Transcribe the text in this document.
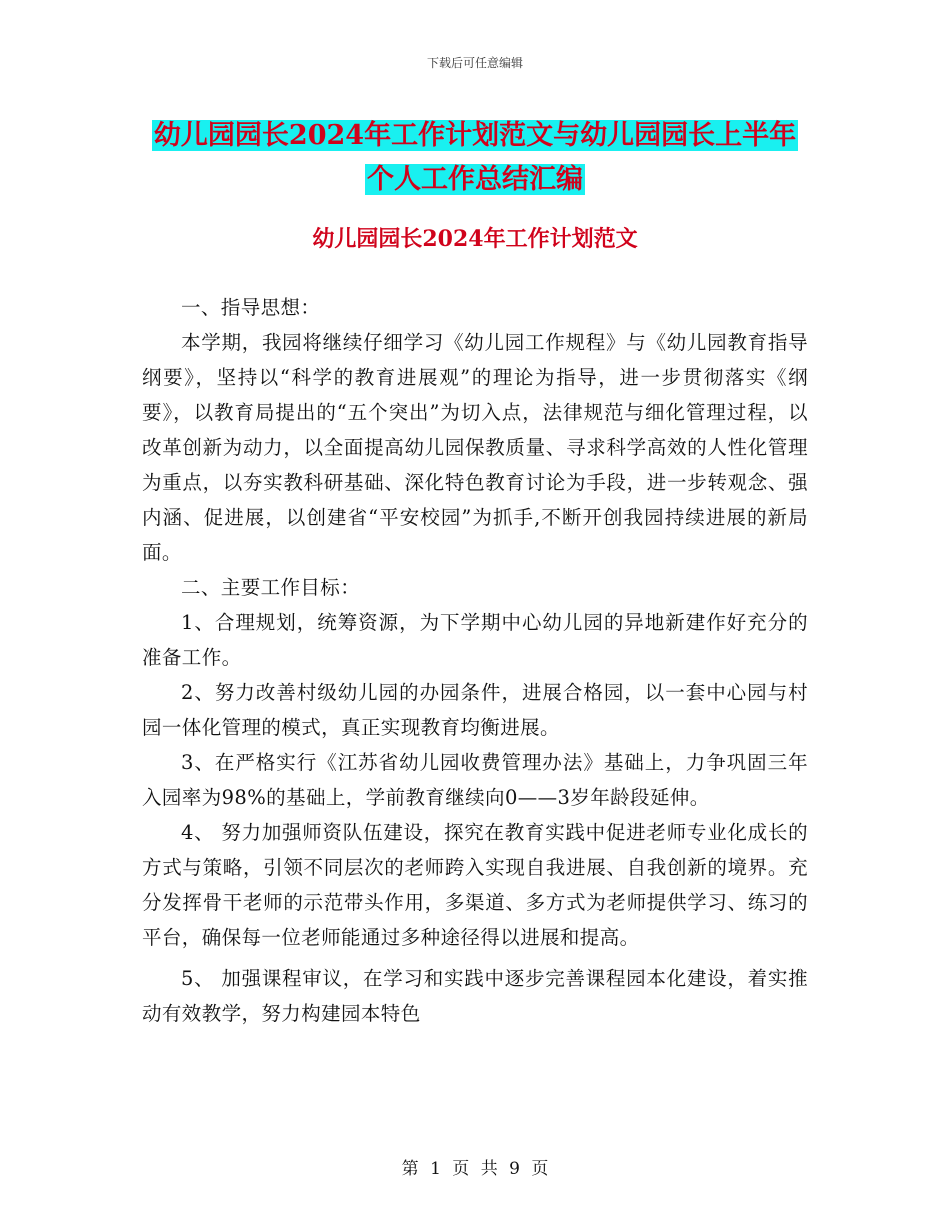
下载后可任意编辑
幼儿园园长2024年工作计划范文与幼儿园园长上半年
个人工作总结汇编
幼儿园园长2024年工作计划范文

一、指导思想：

本学期，我园将继续仔细学习《幼儿园工作规程》与《幼儿园教育指导纲要》，坚持以“科学的教育进展观”的理论为指导，进一步贯彻落实《纲要》，以教育局提出的“五个突出”为切入点，法律规范与细化管理过程，以改革创新为动力，以全面提高幼儿园保教质量、寻求科学高效的人性化管理为重点，以夯实教科研基础、深化特色教育讨论为手段，进一步转观念、强内涵、促进展，以创建省“平安校园”为抓手,不断开创我园持续进展的新局面。

二、主要工作目标：

1、合理规划，统筹资源，为下学期中心幼儿园的异地新建作好充分的准备工作。

2、努力改善村级幼儿园的办园条件，进展合格园，以一套中心园与村园一体化管理的模式，真正实现教育均衡进展。

3、在严格实行《江苏省幼儿园收费管理办法》基础上，力争巩固三年入园率为98%的基础上，学前教育继续向0——3岁年龄段延伸。

4、 努力加强师资队伍建设，探究在教育实践中促进老师专业化成长的方式与策略，引领不同层次的老师跨入实现自我进展、自我创新的境界。充分发挥骨干老师的示范带头作用，多渠道、多方式为老师提供学习、练习的平台，确保每一位老师能通过多种途径得以进展和提高。

5、 加强课程审议，在学习和实践中逐步完善课程园本化建设，着实推动有效教学，努力构建园本特色

第 1 页 共 9 页
